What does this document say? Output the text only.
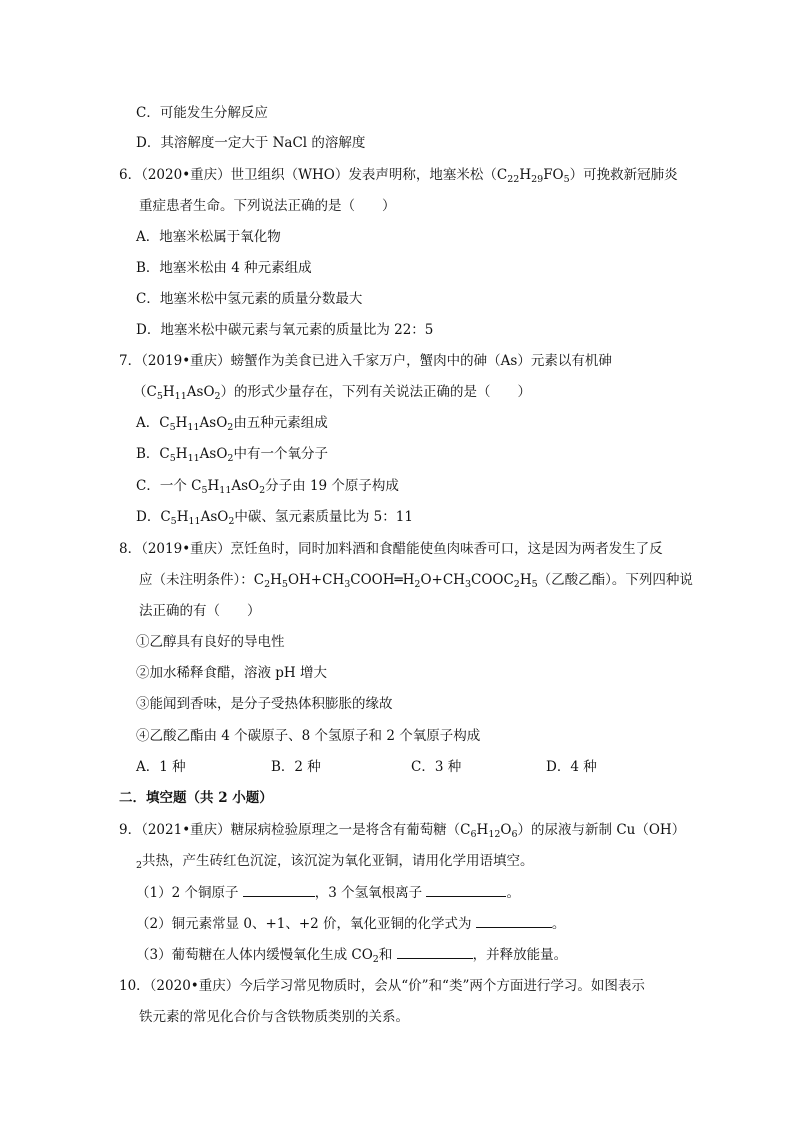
C．可能发生分解反应
D．其溶解度一定大于 NaCl 的溶解度
6．（2020•重庆）世卫组织（WHO）发表声明称，地塞米松$(C_{22}H_{29}FO_5)$可挽救新冠肺炎
重症患者生命。下列说法正确的是（　　）
A．地塞米松属于氧化物
B．地塞米松由 4 种元素组成
C．地塞米松中氢元素的质量分数最大
D．地塞米松中碳元素与氧元素的质量比为 22：5
7．（2019•重庆）螃蟹作为美食已进入千家万户，蟹肉中的砷（As）元素以有机砷
$(C_5H_{11}AsO_2)$的形式少量存在，下列有关说法正确的是（　　）
A．$C_5H_{11}AsO_2$由五种元素组成
B．$C_5H_{11}AsO_2$中有一个氧分子
C．一个 $C_5H_{11}AsO_2$分子由 19 个原子构成
D．$C_5H_{11}AsO_2$中碳、氢元素质量比为 5：11
8．（2019•重庆）烹饪鱼时，同时加料酒和食醋能使鱼肉味香可口，这是因为两者发生了反
应（未注明条件）：$C_2H_5OH+CH_3COOH═H_2O+CH_3COOC_2H_5$（乙酸乙酯）。下列四种说
法正确的有（　　）
①乙醇具有良好的导电性
②加水稀释食醋，溶液 pH 增大
③能闻到香味，是分子受热体积膨胀的缘故
④乙酸乙酯由 4 个碳原子、8 个氢原子和 2 个氧原子构成
A．1 种	B．2 种	C．3 种	D．4 种
二．填空题（共 2 小题）
9．（2021•重庆）糖尿病检验原理之一是将含有葡萄糖$(C_6H_{12}O_6)$的尿液与新制 Cu（OH）
$_2$共热，产生砖红色沉淀，该沉淀为氧化亚铜，请用化学用语填空。
（1）2 个铜原子	，3 个氢氧根离子	。
（2）铜元素常显 0、+1、+2 价，氧化亚铜的化学式为	。
（3）葡萄糖在人体内缓慢氧化生成 $CO_2$和	，并释放能量。
10．（2020•重庆）今后学习常见物质时，会从“价”和“类”两个方面进行学习。如图表示
铁元素的常见化合价与含铁物质类别的关系。
